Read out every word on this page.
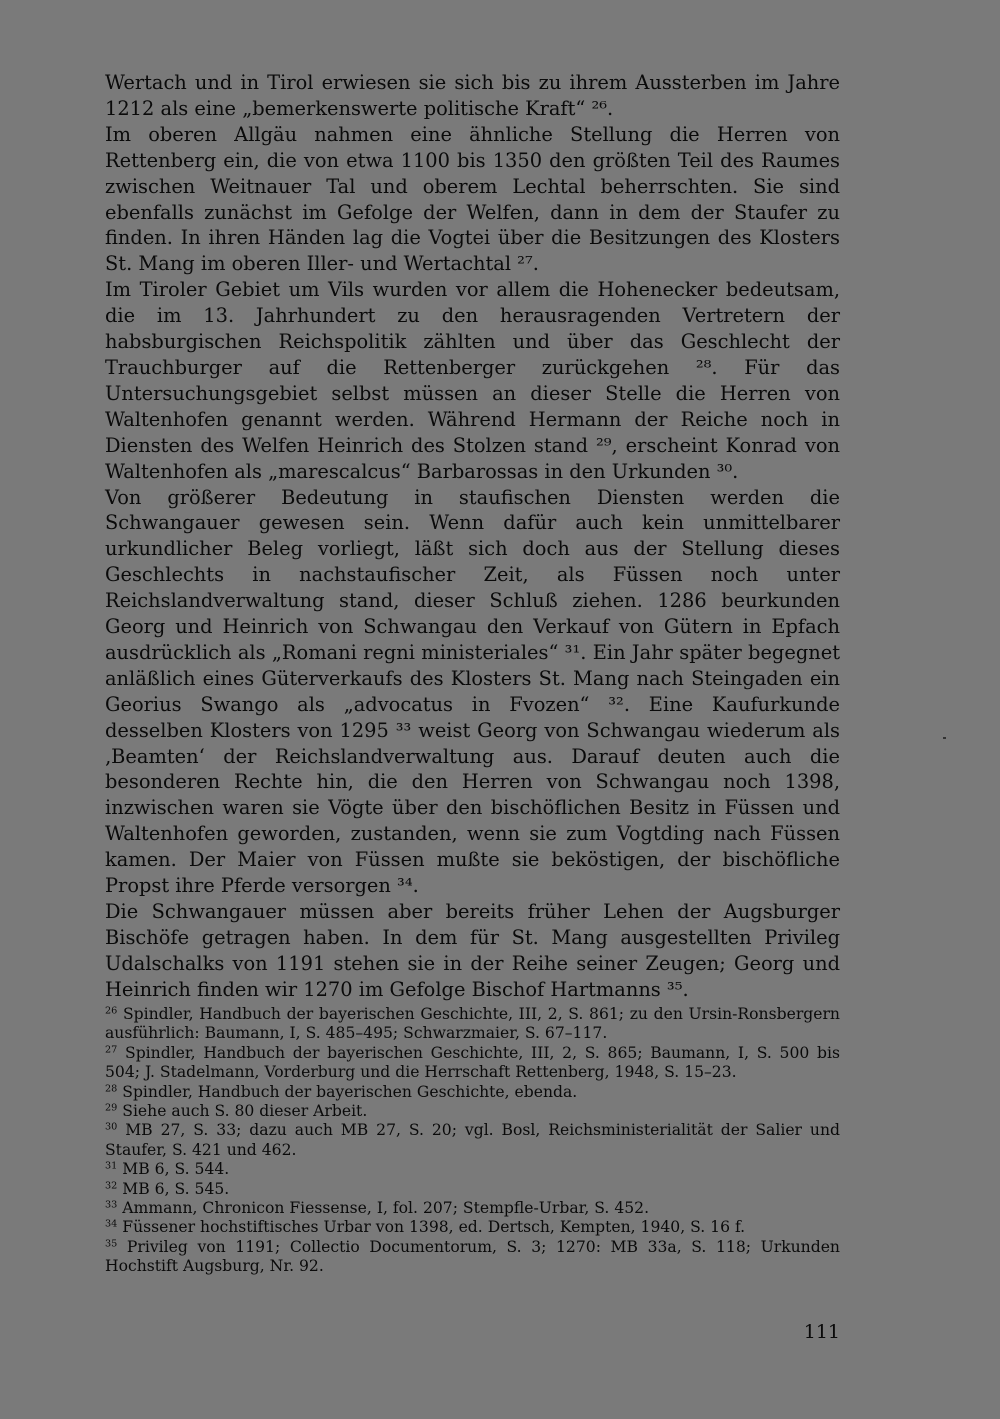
Wertach und in Tirol erwiesen sie sich bis zu ihrem Aussterben im Jahre 1212 als eine „bemerkenswerte politische Kraft“ ²⁶.

Im oberen Allgäu nahmen eine ähnliche Stellung die Herren von Rettenberg ein, die von etwa 1100 bis 1350 den größten Teil des Raumes zwischen Weitnauer Tal und oberem Lechtal beherrschten. Sie sind ebenfalls zunächst im Gefolge der Welfen, dann in dem der Staufer zu finden. In ihren Händen lag die Vogtei über die Besitzungen des Klosters St. Mang im oberen Iller- und Wertachtal ²⁷.

Im Tiroler Gebiet um Vils wurden vor allem die Hohenecker bedeutsam, die im 13. Jahrhundert zu den herausragenden Vertretern der habsburgischen Reichspolitik zählten und über das Geschlecht der Trauchburger auf die Rettenberger zurückgehen ²⁸. Für das Untersuchungsgebiet selbst müssen an dieser Stelle die Herren von Waltenhofen genannt werden. Während Hermann der Reiche noch in Diensten des Welfen Heinrich des Stolzen stand ²⁹, erscheint Konrad von Waltenhofen als „marescalcus“ Barbarossas in den Urkunden ³⁰.

Von größerer Bedeutung in staufischen Diensten werden die Schwangauer gewesen sein. Wenn dafür auch kein unmittelbarer urkundlicher Beleg vorliegt, läßt sich doch aus der Stellung dieses Geschlechts in nachstaufischer Zeit, als Füssen noch unter Reichslandverwaltung stand, dieser Schluß ziehen. 1286 beurkunden Georg und Heinrich von Schwangau den Verkauf von Gütern in Epfach ausdrücklich als „Romani regni ministeriales“ ³¹. Ein Jahr später begegnet anläßlich eines Güterverkaufs des Klosters St. Mang nach Steingaden ein Georius Swango als „advocatus in Fvozen“ ³². Eine Kaufurkunde desselben Klosters von 1295 ³³ weist Georg von Schwangau wiederum als ‚Beamten‘ der Reichslandverwaltung aus. Darauf deuten auch die besonderen Rechte hin, die den Herren von Schwangau noch 1398, inzwischen waren sie Vögte über den bischöflichen Besitz in Füssen und Waltenhofen geworden, zustanden, wenn sie zum Vogtding nach Füssen kamen. Der Maier von Füssen mußte sie beköstigen, der bischöfliche Propst ihre Pferde versorgen ³⁴.

Die Schwangauer müssen aber bereits früher Lehen der Augsburger Bischöfe getragen haben. In dem für St. Mang ausgestellten Privileg Udalschalks von 1191 stehen sie in der Reihe seiner Zeugen; Georg und Heinrich finden wir 1270 im Gefolge Bischof Hartmanns ³⁵.

$^{26}$ Spindler, Handbuch der bayerischen Geschichte, III, 2, S. 861; zu den Ursin-Ronsbergern ausführlich: Baumann, I, S. 485–495; Schwarzmaier, S. 67–117.

$^{27}$ Spindler, Handbuch der bayerischen Geschichte, III, 2, S. 865; Baumann, I, S. 500 bis 504; J. Stadelmann, Vorderburg und die Herrschaft Rettenberg, 1948, S. 15–23.

$^{28}$ Spindler, Handbuch der bayerischen Geschichte, ebenda.

$^{29}$ Siehe auch S. 80 dieser Arbeit.

$^{30}$ MB 27, S. 33; dazu auch MB 27, S. 20; vgl. Bosl, Reichsministerialität der Salier und Staufer, S. 421 und 462.

$^{31}$ MB 6, S. 544.

$^{32}$ MB 6, S. 545.

$^{33}$ Ammann, Chronicon Fiessense, I, fol. 207; Stempfle-Urbar, S. 452.

$^{34}$ Füssener hochstiftisches Urbar von 1398, ed. Dertsch, Kempten, 1940, S. 16 f.

$^{35}$ Privileg von 1191; Collectio Documentorum, S. 3; 1270: MB 33a, S. 118; Urkunden Hochstift Augsburg, Nr. 92.

111
